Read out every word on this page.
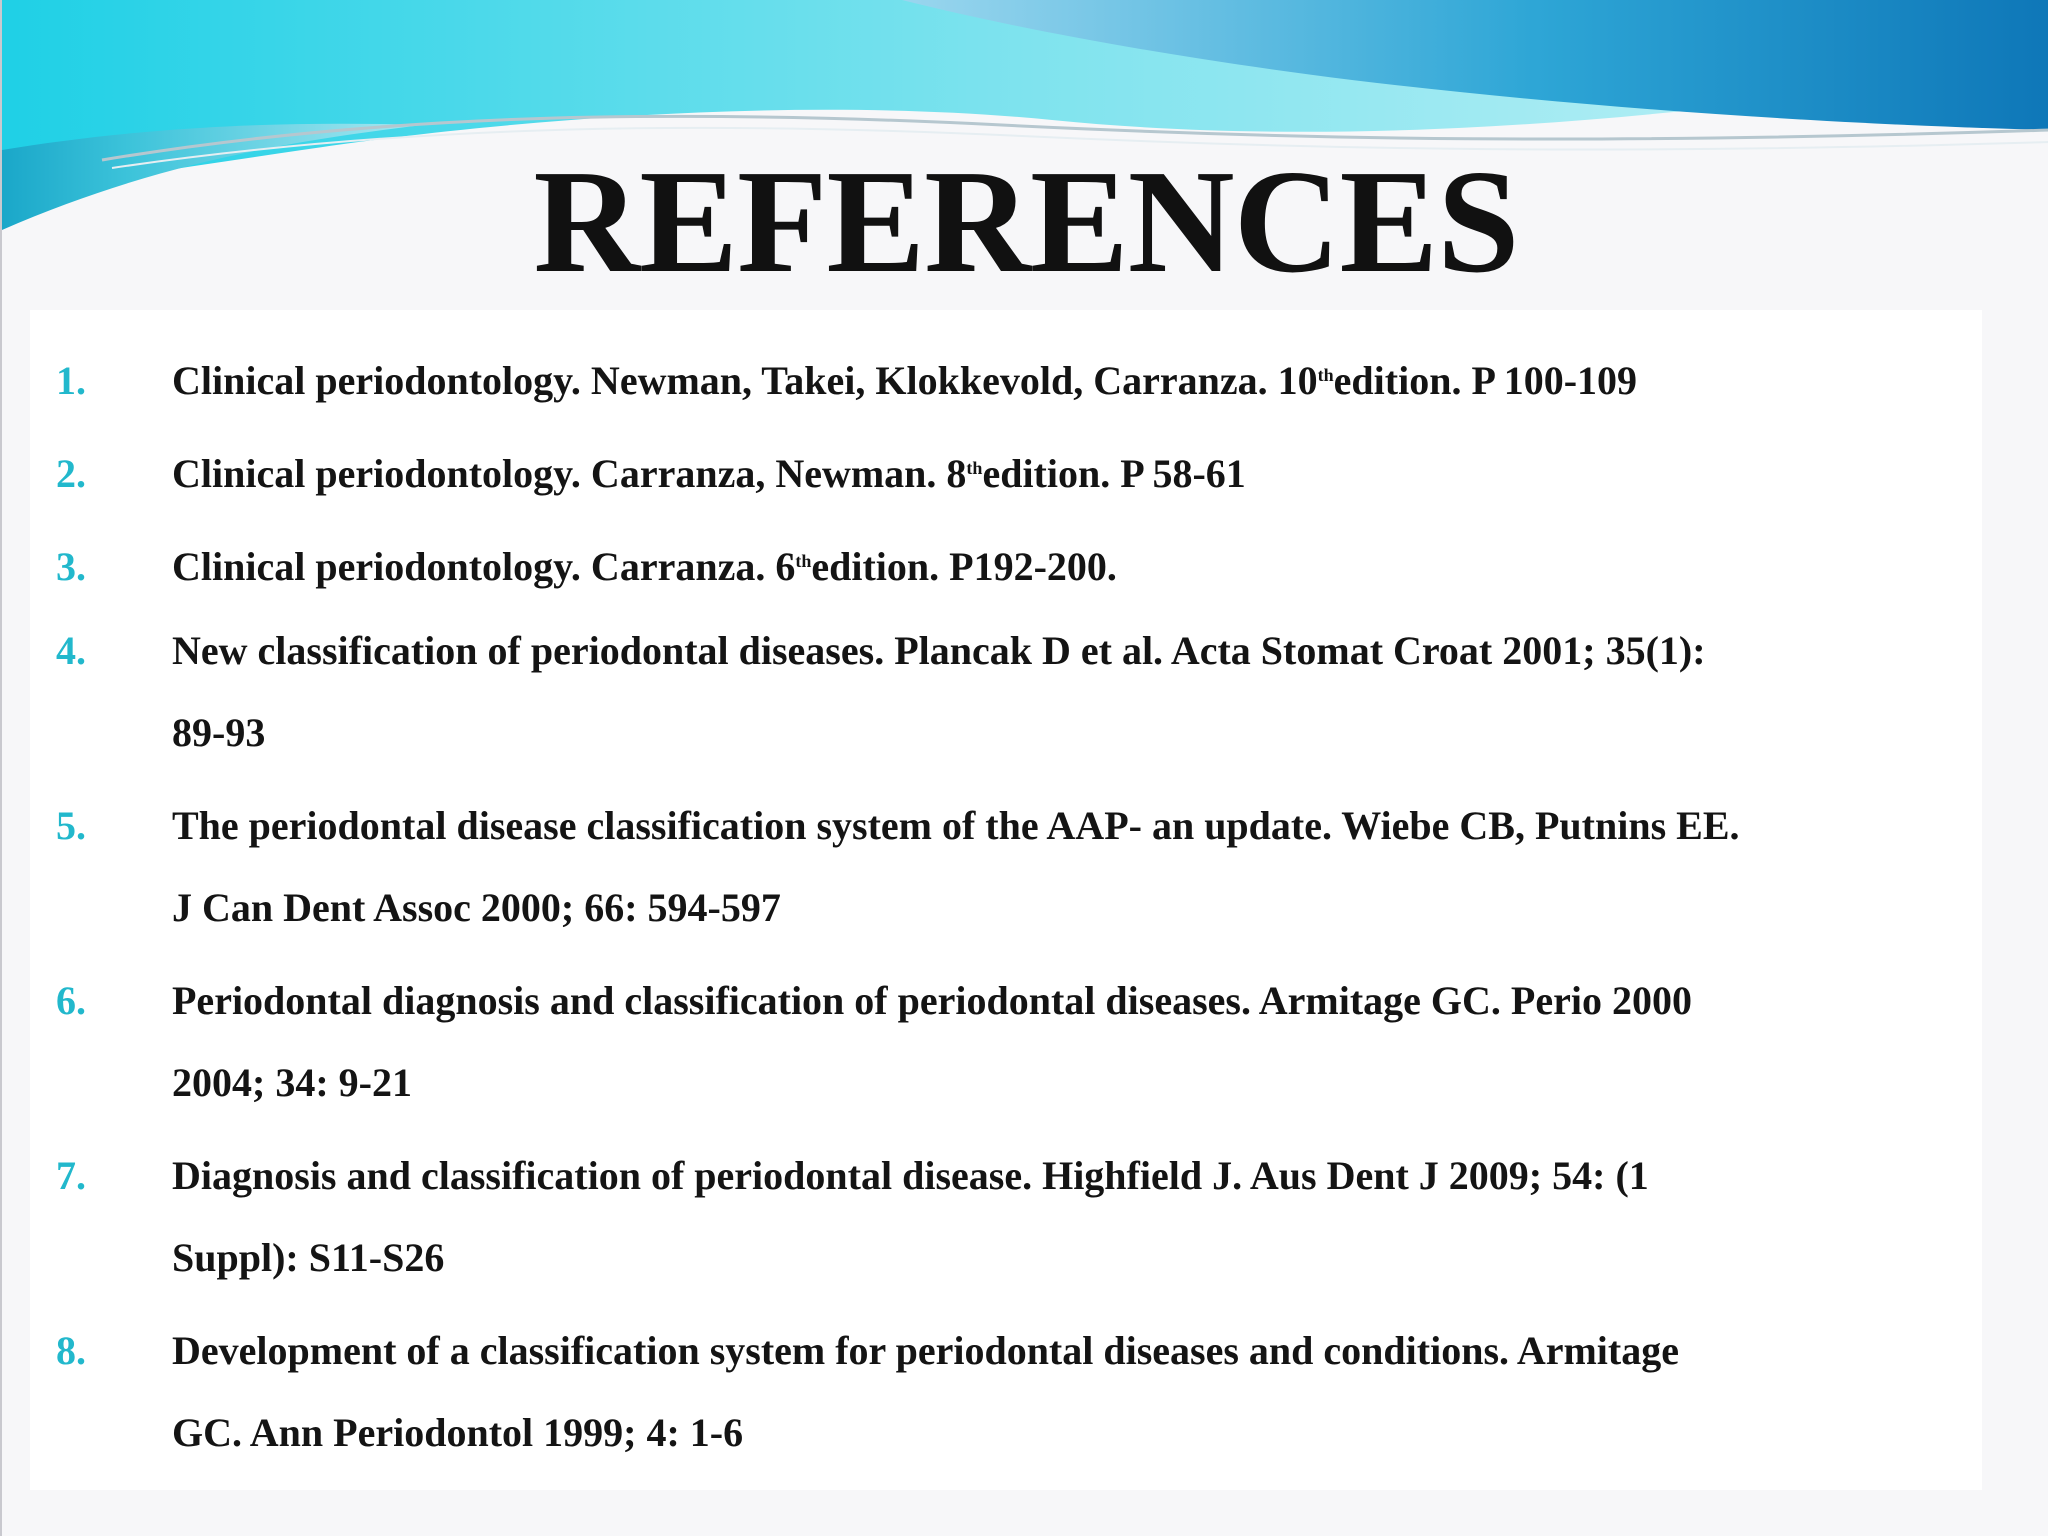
REFERENCES
1. Clinical periodontology. Newman, Takei, Klokkevold, Carranza. 10thedition. P 100-109
2. Clinical periodontology. Carranza, Newman. 8thedition. P 58-61
3. Clinical periodontology. Carranza. 6thedition. P192-200.
4. New classification of periodontal diseases. Plancak D et al. Acta Stomat Croat 2001; 35(1):
89-93
5. The periodontal disease classification system of the AAP- an update. Wiebe CB, Putnins EE.
J Can Dent Assoc 2000; 66: 594-597
6. Periodontal diagnosis and classification of periodontal diseases. Armitage GC. Perio 2000
2004; 34: 9-21
7. Diagnosis and classification of periodontal disease. Highfield J. Aus Dent J 2009; 54: (1
Suppl): S11-S26
8. Development of a classification system for periodontal diseases and conditions. Armitage
GC. Ann Periodontol 1999; 4: 1-6
